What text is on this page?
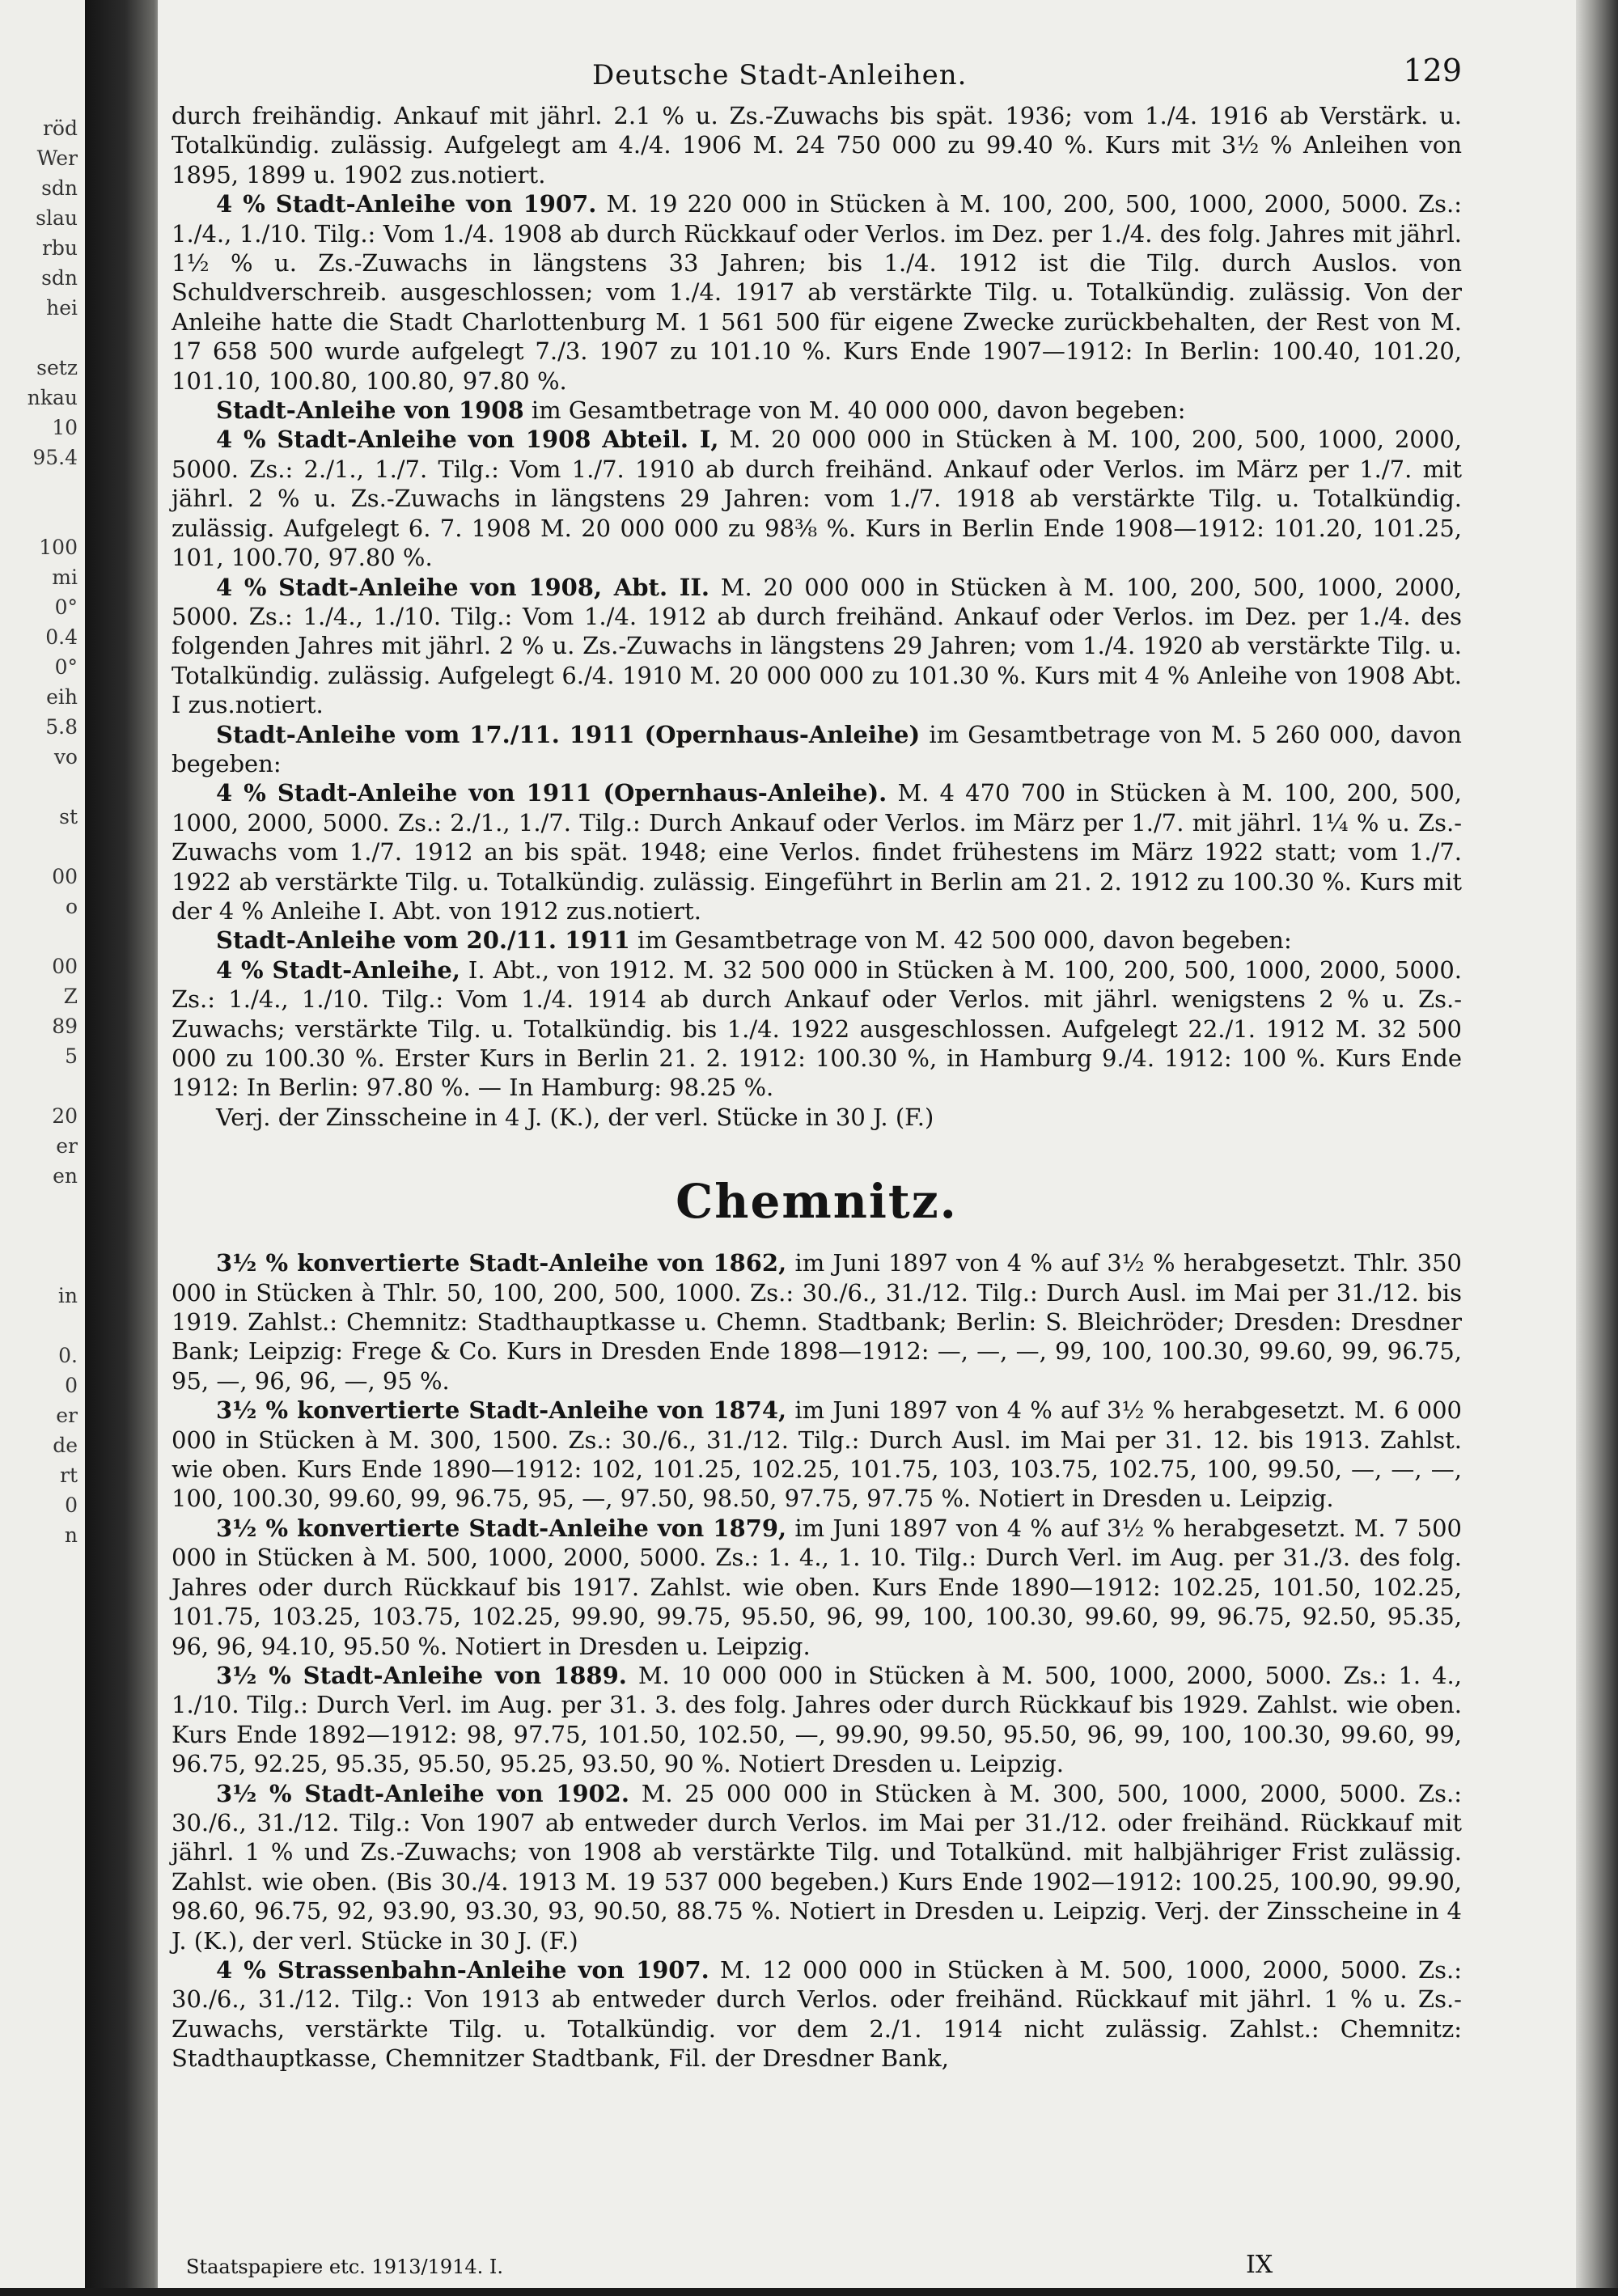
röd
Wer
sdn
slau
rbu
sdn
hei
setz
nkau
10
95.4
100
mi
0°
0.4
0°
eih
5.8
vo
st
00
o
00
Z
89
5
20
er
en
in
0.
0
er
de
rt
0
n
Deutsche Stadt-Anleihen.	129

durch freihändig. Ankauf mit jährl. 2.1 % u. Zs.-Zuwachs bis spät. 1936; vom 1./4. 1916 ab Verstärk. u. Totalkündig. zulässig. Aufgelegt am 4./4. 1906 M. 24 750 000 zu 99.40 %. Kurs mit 3½ % Anleihen von 1895, 1899 u. 1902 zus.notiert.

4 % Stadt-Anleihe von 1907. M. 19 220 000 in Stücken à M. 100, 200, 500, 1000, 2000, 5000. Zs.: 1./4., 1./10. Tilg.: Vom 1./4. 1908 ab durch Rückkauf oder Verlos. im Dez. per 1./4. des folg. Jahres mit jährl. 1½ % u. Zs.-Zuwachs in längstens 33 Jahren; bis 1./4. 1912 ist die Tilg. durch Auslos. von Schuldverschreib. ausgeschlossen; vom 1./4. 1917 ab verstärkte Tilg. u. Totalkündig. zulässig. Von der Anleihe hatte die Stadt Charlottenburg M. 1 561 500 für eigene Zwecke zurückbehalten, der Rest von M. 17 658 500 wurde aufgelegt 7./3. 1907 zu 101.10 %. Kurs Ende 1907—1912: In Berlin: 100.40, 101.20, 101.10, 100.80, 100.80, 97.80 %.

Stadt-Anleihe von 1908 im Gesamtbetrage von M. 40 000 000, davon begeben:

4 % Stadt-Anleihe von 1908 Abteil. I, M. 20 000 000 in Stücken à M. 100, 200, 500, 1000, 2000, 5000. Zs.: 2./1., 1./7. Tilg.: Vom 1./7. 1910 ab durch freihänd. Ankauf oder Verlos. im März per 1./7. mit jährl. 2 % u. Zs.-Zuwachs in längstens 29 Jahren: vom 1./7. 1918 ab verstärkte Tilg. u. Totalkündig. zulässig. Aufgelegt 6. 7. 1908 M. 20 000 000 zu 98⅜ %. Kurs in Berlin Ende 1908—1912: 101.20, 101.25, 101, 100.70, 97.80 %.

4 % Stadt-Anleihe von 1908, Abt. II. M. 20 000 000 in Stücken à M. 100, 200, 500, 1000, 2000, 5000. Zs.: 1./4., 1./10. Tilg.: Vom 1./4. 1912 ab durch freihänd. Ankauf oder Verlos. im Dez. per 1./4. des folgenden Jahres mit jährl. 2 % u. Zs.-Zuwachs in längstens 29 Jahren; vom 1./4. 1920 ab verstärkte Tilg. u. Totalkündig. zulässig. Aufgelegt 6./4. 1910 M. 20 000 000 zu 101.30 %. Kurs mit 4 % Anleihe von 1908 Abt. I zus.notiert.

Stadt-Anleihe vom 17./11. 1911 (Opernhaus-Anleihe) im Gesamtbetrage von M. 5 260 000, davon begeben:

4 % Stadt-Anleihe von 1911 (Opernhaus-Anleihe). M. 4 470 700 in Stücken à M. 100, 200, 500, 1000, 2000, 5000. Zs.: 2./1., 1./7. Tilg.: Durch Ankauf oder Verlos. im März per 1./7. mit jährl. 1¼ % u. Zs.-Zuwachs vom 1./7. 1912 an bis spät. 1948; eine Verlos. findet frühestens im März 1922 statt; vom 1./7. 1922 ab verstärkte Tilg. u. Totalkündig. zulässig. Eingeführt in Berlin am 21. 2. 1912 zu 100.30 %. Kurs mit der 4 % Anleihe I. Abt. von 1912 zus.notiert.

Stadt-Anleihe vom 20./11. 1911 im Gesamtbetrage von M. 42 500 000, davon begeben:

4 % Stadt-Anleihe, I. Abt., von 1912. M. 32 500 000 in Stücken à M. 100, 200, 500, 1000, 2000, 5000. Zs.: 1./4., 1./10. Tilg.: Vom 1./4. 1914 ab durch Ankauf oder Verlos. mit jährl. wenigstens 2 % u. Zs.-Zuwachs; verstärkte Tilg. u. Totalkündig. bis 1./4. 1922 ausgeschlossen. Aufgelegt 22./1. 1912 M. 32 500 000 zu 100.30 %. Erster Kurs in Berlin 21. 2. 1912: 100.30 %, in Hamburg 9./4. 1912: 100 %. Kurs Ende 1912: In Berlin: 97.80 %. — In Hamburg: 98.25 %.

Verj. der Zinsscheine in 4 J. (K.), der verl. Stücke in 30 J. (F.)

Chemnitz.

3½ % konvertierte Stadt-Anleihe von 1862, im Juni 1897 von 4 % auf 3½ % herabgesetzt. Thlr. 350 000 in Stücken à Thlr. 50, 100, 200, 500, 1000. Zs.: 30./6., 31./12. Tilg.: Durch Ausl. im Mai per 31./12. bis 1919. Zahlst.: Chemnitz: Stadthauptkasse u. Chemn. Stadtbank; Berlin: S. Bleichröder; Dresden: Dresdner Bank; Leipzig: Frege & Co. Kurs in Dresden Ende 1898—1912: —, —, —, 99, 100, 100.30, 99.60, 99, 96.75, 95, —, 96, 96, —, 95 %.

3½ % konvertierte Stadt-Anleihe von 1874, im Juni 1897 von 4 % auf 3½ % herabgesetzt. M. 6 000 000 in Stücken à M. 300, 1500. Zs.: 30./6., 31./12. Tilg.: Durch Ausl. im Mai per 31. 12. bis 1913. Zahlst. wie oben. Kurs Ende 1890—1912: 102, 101.25, 102.25, 101.75, 103, 103.75, 102.75, 100, 99.50, —, —, —, 100, 100.30, 99.60, 99, 96.75, 95, —, 97.50, 98.50, 97.75, 97.75 %. Notiert in Dresden u. Leipzig.

3½ % konvertierte Stadt-Anleihe von 1879, im Juni 1897 von 4 % auf 3½ % herabgesetzt. M. 7 500 000 in Stücken à M. 500, 1000, 2000, 5000. Zs.: 1. 4., 1. 10. Tilg.: Durch Verl. im Aug. per 31./3. des folg. Jahres oder durch Rückkauf bis 1917. Zahlst. wie oben. Kurs Ende 1890—1912: 102.25, 101.50, 102.25, 101.75, 103.25, 103.75, 102.25, 99.90, 99.75, 95.50, 96, 99, 100, 100.30, 99.60, 99, 96.75, 92.50, 95.35, 96, 96, 94.10, 95.50 %. Notiert in Dresden u. Leipzig.

3½ % Stadt-Anleihe von 1889. M. 10 000 000 in Stücken à M. 500, 1000, 2000, 5000. Zs.: 1. 4., 1./10. Tilg.: Durch Verl. im Aug. per 31. 3. des folg. Jahres oder durch Rückkauf bis 1929. Zahlst. wie oben. Kurs Ende 1892—1912: 98, 97.75, 101.50, 102.50, —, 99.90, 99.50, 95.50, 96, 99, 100, 100.30, 99.60, 99, 96.75, 92.25, 95.35, 95.50, 95.25, 93.50, 90 %. Notiert Dresden u. Leipzig.

3½ % Stadt-Anleihe von 1902. M. 25 000 000 in Stücken à M. 300, 500, 1000, 2000, 5000. Zs.: 30./6., 31./12. Tilg.: Von 1907 ab entweder durch Verlos. im Mai per 31./12. oder freihänd. Rückkauf mit jährl. 1 % und Zs.-Zuwachs; von 1908 ab verstärkte Tilg. und Totalkünd. mit halbjähriger Frist zulässig. Zahlst. wie oben. (Bis 30./4. 1913 M. 19 537 000 begeben.) Kurs Ende 1902—1912: 100.25, 100.90, 99.90, 98.60, 96.75, 92, 93.90, 93.30, 93, 90.50, 88.75 %. Notiert in Dresden u. Leipzig. Verj. der Zinsscheine in 4 J. (K.), der verl. Stücke in 30 J. (F.)

4 % Strassenbahn-Anleihe von 1907. M. 12 000 000 in Stücken à M. 500, 1000, 2000, 5000. Zs.: 30./6., 31./12. Tilg.: Von 1913 ab entweder durch Verlos. oder freihänd. Rückkauf mit jährl. 1 % u. Zs.-Zuwachs, verstärkte Tilg. u. Totalkündig. vor dem 2./1. 1914 nicht zulässig. Zahlst.: Chemnitz: Stadthauptkasse, Chemnitzer Stadtbank, Fil. der Dresdner Bank,

Staatspapiere etc. 1913/1914. I.	IX
